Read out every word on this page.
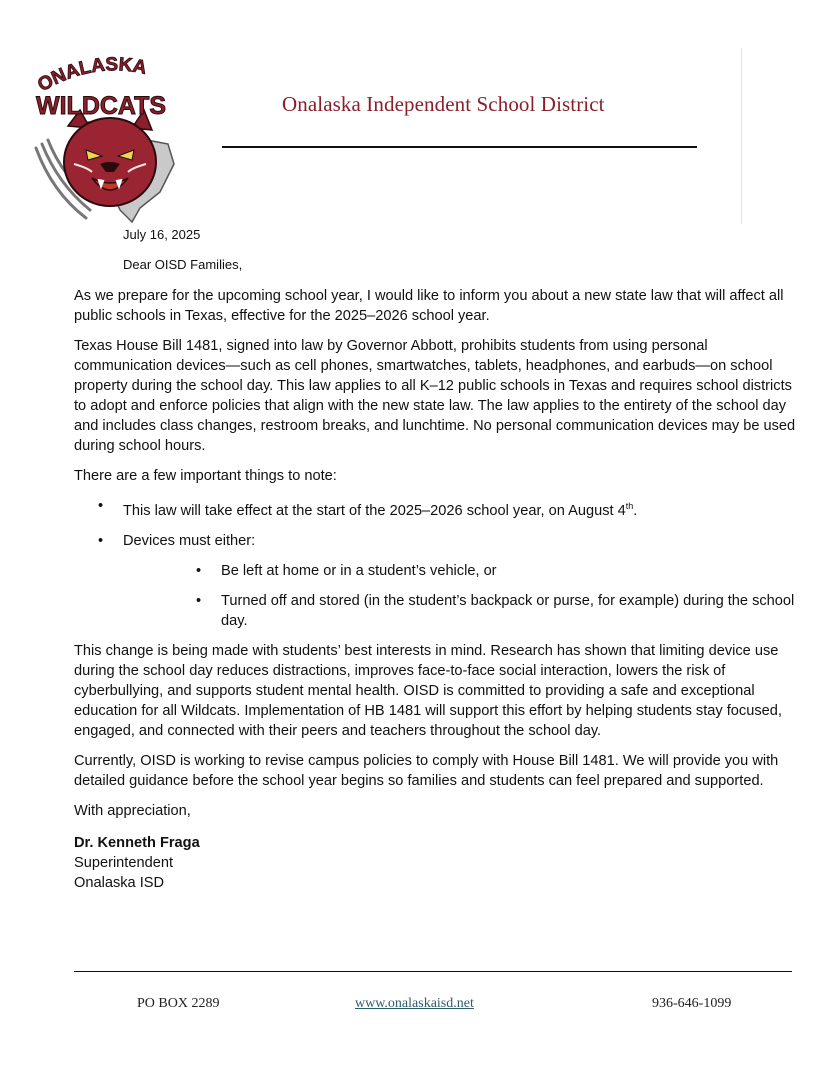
ONALASKA
WILDCATS	Onalaska Independent School District
July 16, 2025
Dear OISD Families,

As we prepare for the upcoming school year, I would like to inform you about a new state law that will affect all public schools in Texas, effective for the 2025–2026 school year.

Texas House Bill 1481, signed into law by Governor Abbott, prohibits students from using personal communication devices—such as cell phones, smartwatches, tablets, headphones, and earbuds—on school property during the school day. This law applies to all K–12 public schools in Texas and requires school districts to adopt and enforce policies that align with the new state law. The law applies to the entirety of the school day and includes class changes, restroom breaks, and lunchtime. No personal communication devices may be used during school hours.

There are a few important things to note:

• This law will take effect at the start of the 2025–2026 school year, on August 4th.
• Devices must either:
• Be left at home or in a student’s vehicle, or
• Turned off and stored (in the student’s backpack or purse, for example) during the school day.

This change is being made with students’ best interests in mind. Research has shown that limiting device use during the school day reduces distractions, improves face-to-face social interaction, lowers the risk of cyberbullying, and supports student mental health. OISD is committed to providing a safe and exceptional education for all Wildcats. Implementation of HB 1481 will support this effort by helping students stay focused, engaged, and connected with their peers and teachers throughout the school day.

Currently, OISD is working to revise campus policies to comply with House Bill 1481. We will provide you with detailed guidance before the school year begins so families and students can feel prepared and supported.

With appreciation,

Dr. Kenneth Fraga
Superintendent
Onalaska ISD
PO BOX 2289	www.onalaskaisd.net	936-646-1099
